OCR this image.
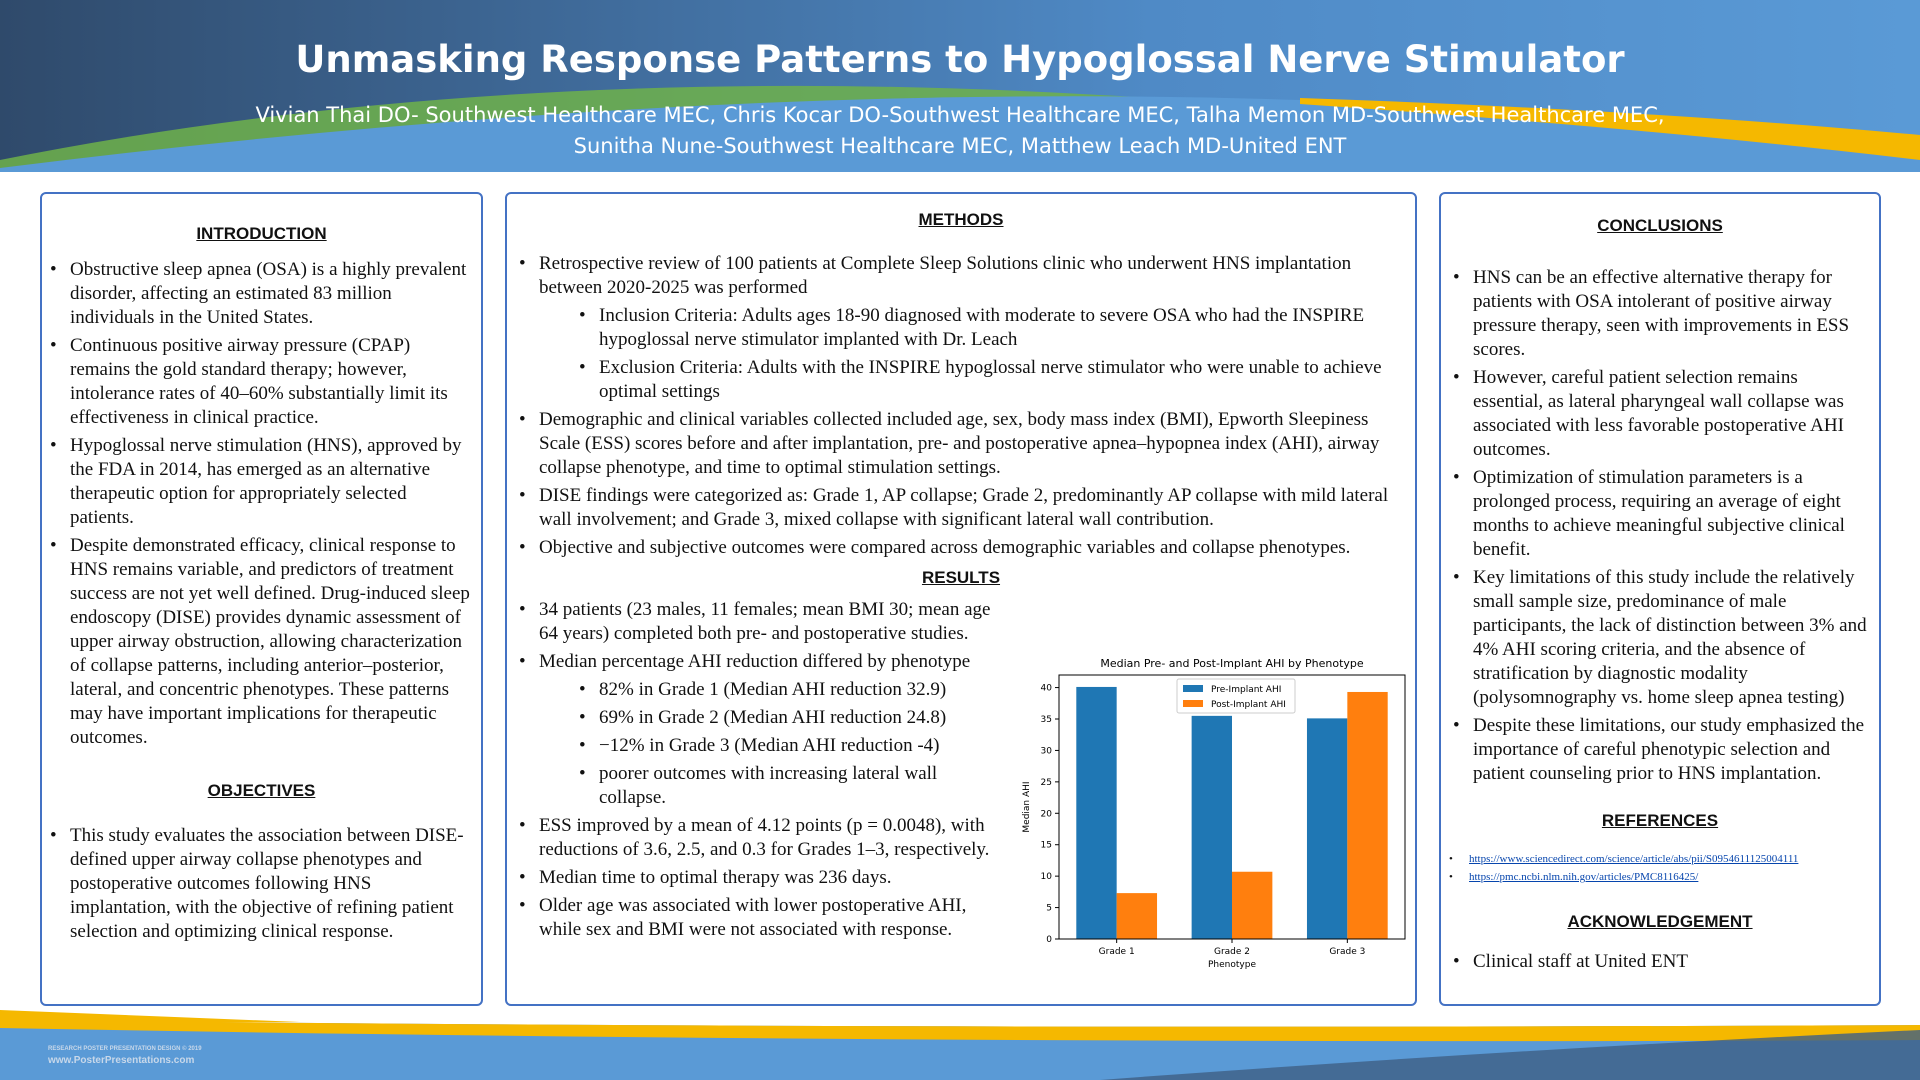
Unmasking Response Patterns to Hypoglossal Nerve Stimulator
Vivian Thai DO- Southwest Healthcare MEC, Chris Kocar DO-Southwest Healthcare MEC, Talha Memon MD-Southwest Healthcare MEC,
Sunitha Nune-Southwest Healthcare MEC, Matthew Leach MD-United ENT
INTRODUCTION
• Obstructive sleep apnea (OSA) is a highly prevalent disorder, affecting an estimated 83 million individuals in the United States.
• Continuous positive airway pressure (CPAP) remains the gold standard therapy; however, intolerance rates of 40–60% substantially limit its effectiveness in clinical practice.
• Hypoglossal nerve stimulation (HNS), approved by the FDA in 2014, has emerged as an alternative therapeutic option for appropriately selected patients.
• Despite demonstrated efficacy, clinical response to HNS remains variable, and predictors of treatment success are not yet well defined. Drug-induced sleep endoscopy (DISE) provides dynamic assessment of upper airway obstruction, allowing characterization of collapse patterns, including anterior–posterior, lateral, and concentric phenotypes. These patterns may have important implications for therapeutic outcomes.
OBJECTIVES
• This study evaluates the association between DISE-defined upper airway collapse phenotypes and postoperative outcomes following HNS implantation, with the objective of refining patient selection and optimizing clinical response.
METHODS
• Retrospective review of 100 patients at Complete Sleep Solutions clinic who underwent HNS implantation between 2020-2025 was performed
• Inclusion Criteria: Adults ages 18-90 diagnosed with moderate to severe OSA who had the INSPIRE hypoglossal nerve stimulator implanted with Dr. Leach
• Exclusion Criteria: Adults with the INSPIRE hypoglossal nerve stimulator who were unable to achieve optimal settings
• Demographic and clinical variables collected included age, sex, body mass index (BMI), Epworth Sleepiness Scale (ESS) scores before and after implantation, pre- and postoperative apnea–hypopnea index (AHI), airway collapse phenotype, and time to optimal stimulation settings.
• DISE findings were categorized as: Grade 1, AP collapse; Grade 2, predominantly AP collapse with mild lateral wall involvement; and Grade 3, mixed collapse with significant lateral wall contribution.
• Objective and subjective outcomes were compared across demographic variables and collapse phenotypes.
RESULTS
• 34 patients (23 males, 11 females; mean BMI 30; mean age 64 years) completed both pre- and postoperative studies.
• Median percentage AHI reduction differed by phenotype
• 82% in Grade 1 (Median AHI reduction 32.9)
• 69% in Grade 2 (Median AHI reduction 24.8)
• −12% in Grade 3 (Median AHI reduction -4)
• poorer outcomes with increasing lateral wall collapse.
• ESS improved by a mean of 4.12 points (p = 0.0048), with reductions of 3.6, 2.5, and 0.3 for Grades 1–3, respectively.
• Median time to optimal therapy was 236 days.
• Older age was associated with lower postoperative AHI, while sex and BMI were not associated with response.
Median Pre- and Post-Implant AHI by Phenotype
Grade 1	Grade 2	Grade 3
0
5
10
15
20
25
30
35
40
Phenotype
Median AHI
Pre-Implant AHI
Post-Implant AHI
CONCLUSIONS
• HNS can be an effective alternative therapy for patients with OSA intolerant of positive airway pressure therapy, seen with improvements in ESS scores.
• However, careful patient selection remains essential, as lateral pharyngeal wall collapse was associated with less favorable postoperative AHI outcomes.
• Optimization of stimulation parameters is a prolonged process, requiring an average of eight months to achieve meaningful subjective clinical benefit.
• Key limitations of this study include the relatively small sample size, predominance of male participants, the lack of distinction between 3% and 4% AHI scoring criteria, and the absence of stratification by diagnostic modality (polysomnography vs. home sleep apnea testing)
• Despite these limitations, our study emphasized the importance of careful phenotypic selection and patient counseling prior to HNS implantation.
REFERENCES
• https://www.sciencedirect.com/science/article/abs/pii/S0954611125004111
• https://pmc.ncbi.nlm.nih.gov/articles/PMC8116425/
ACKNOWLEDGEMENT
• Clinical staff at United ENT
RESEARCH POSTER PRESENTATION DESIGN © 2019
www.PosterPresentations.com
